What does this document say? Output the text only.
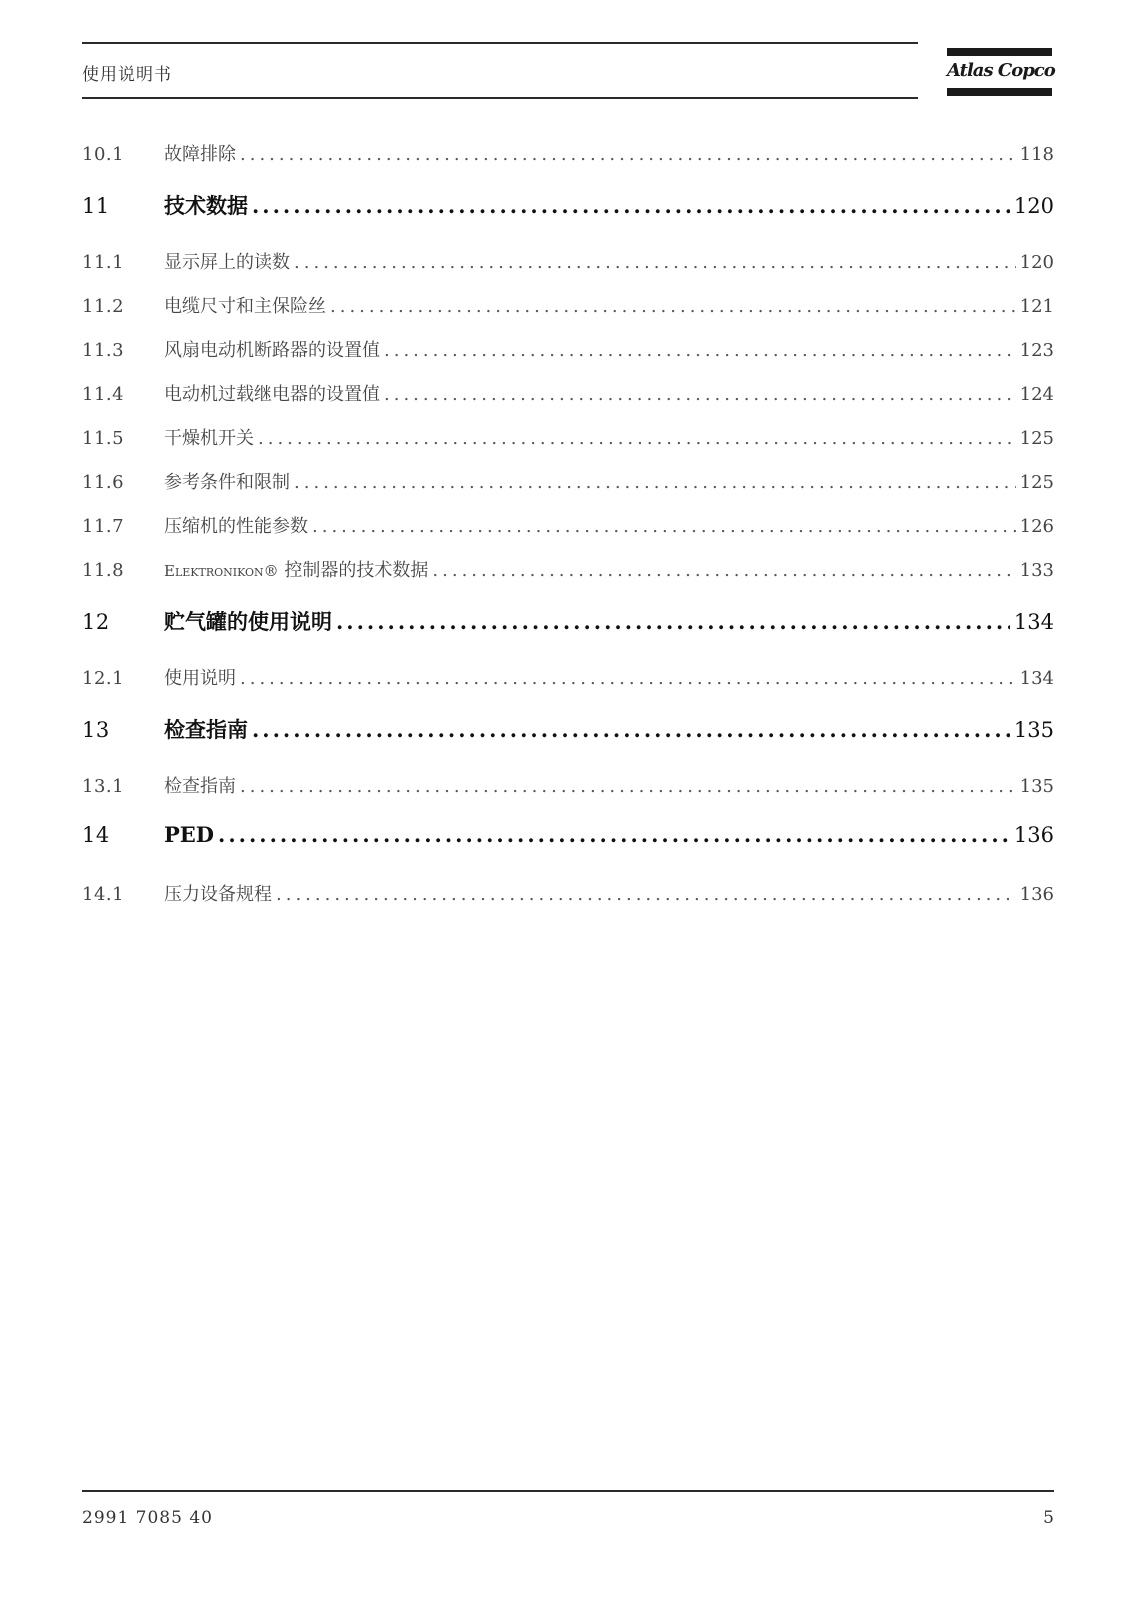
使用说明书	Atlas Copco
10.1	故障排除 .....	118
11	技术数据 .....	120
11.1	显示屏上的读数 .....	120
11.2	电缆尺寸和主保险丝 .....	121
11.3	风扇电动机断路器的设置值 .....	123
11.4	电动机过载继电器的设置值 .....	124
11.5	干燥机开关 .....	125
11.6	参考条件和限制 .....	125
11.7	压缩机的性能参数 .....	126
11.8	Elektronikon® 控制器的技术数据 .....	133
12	贮气罐的使用说明 .....	134
12.1	使用说明 .....	134
13	检查指南 .....	135
13.1	检查指南 .....	135
14	PED .....	136
14.1	压力设备规程 .....	136
2991 7085 40	5
